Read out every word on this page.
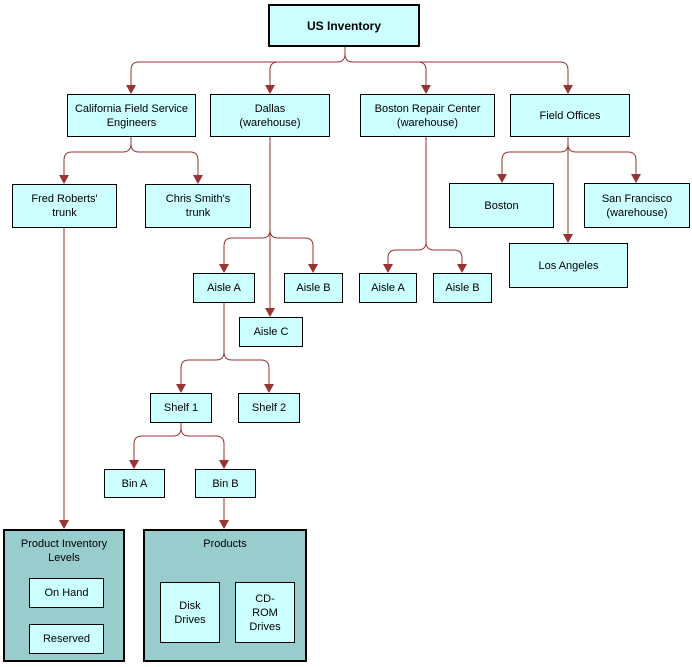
US Inventory
California Field Service Engineers
Dallas (warehouse)
Boston Repair Center (warehouse)
Field Offices
Fred Roberts' trunk
Chris Smith's trunk
Boston
San Francisco (warehouse)
Los Angeles
Aisle A	Aisle B	Aisle A	Aisle B
Aisle C
Shelf 1	Shelf 2
Bin A	Bin B
Product Inventory Levels
On Hand
Reserved
Products
Disk Drives
CD-ROM Drives
